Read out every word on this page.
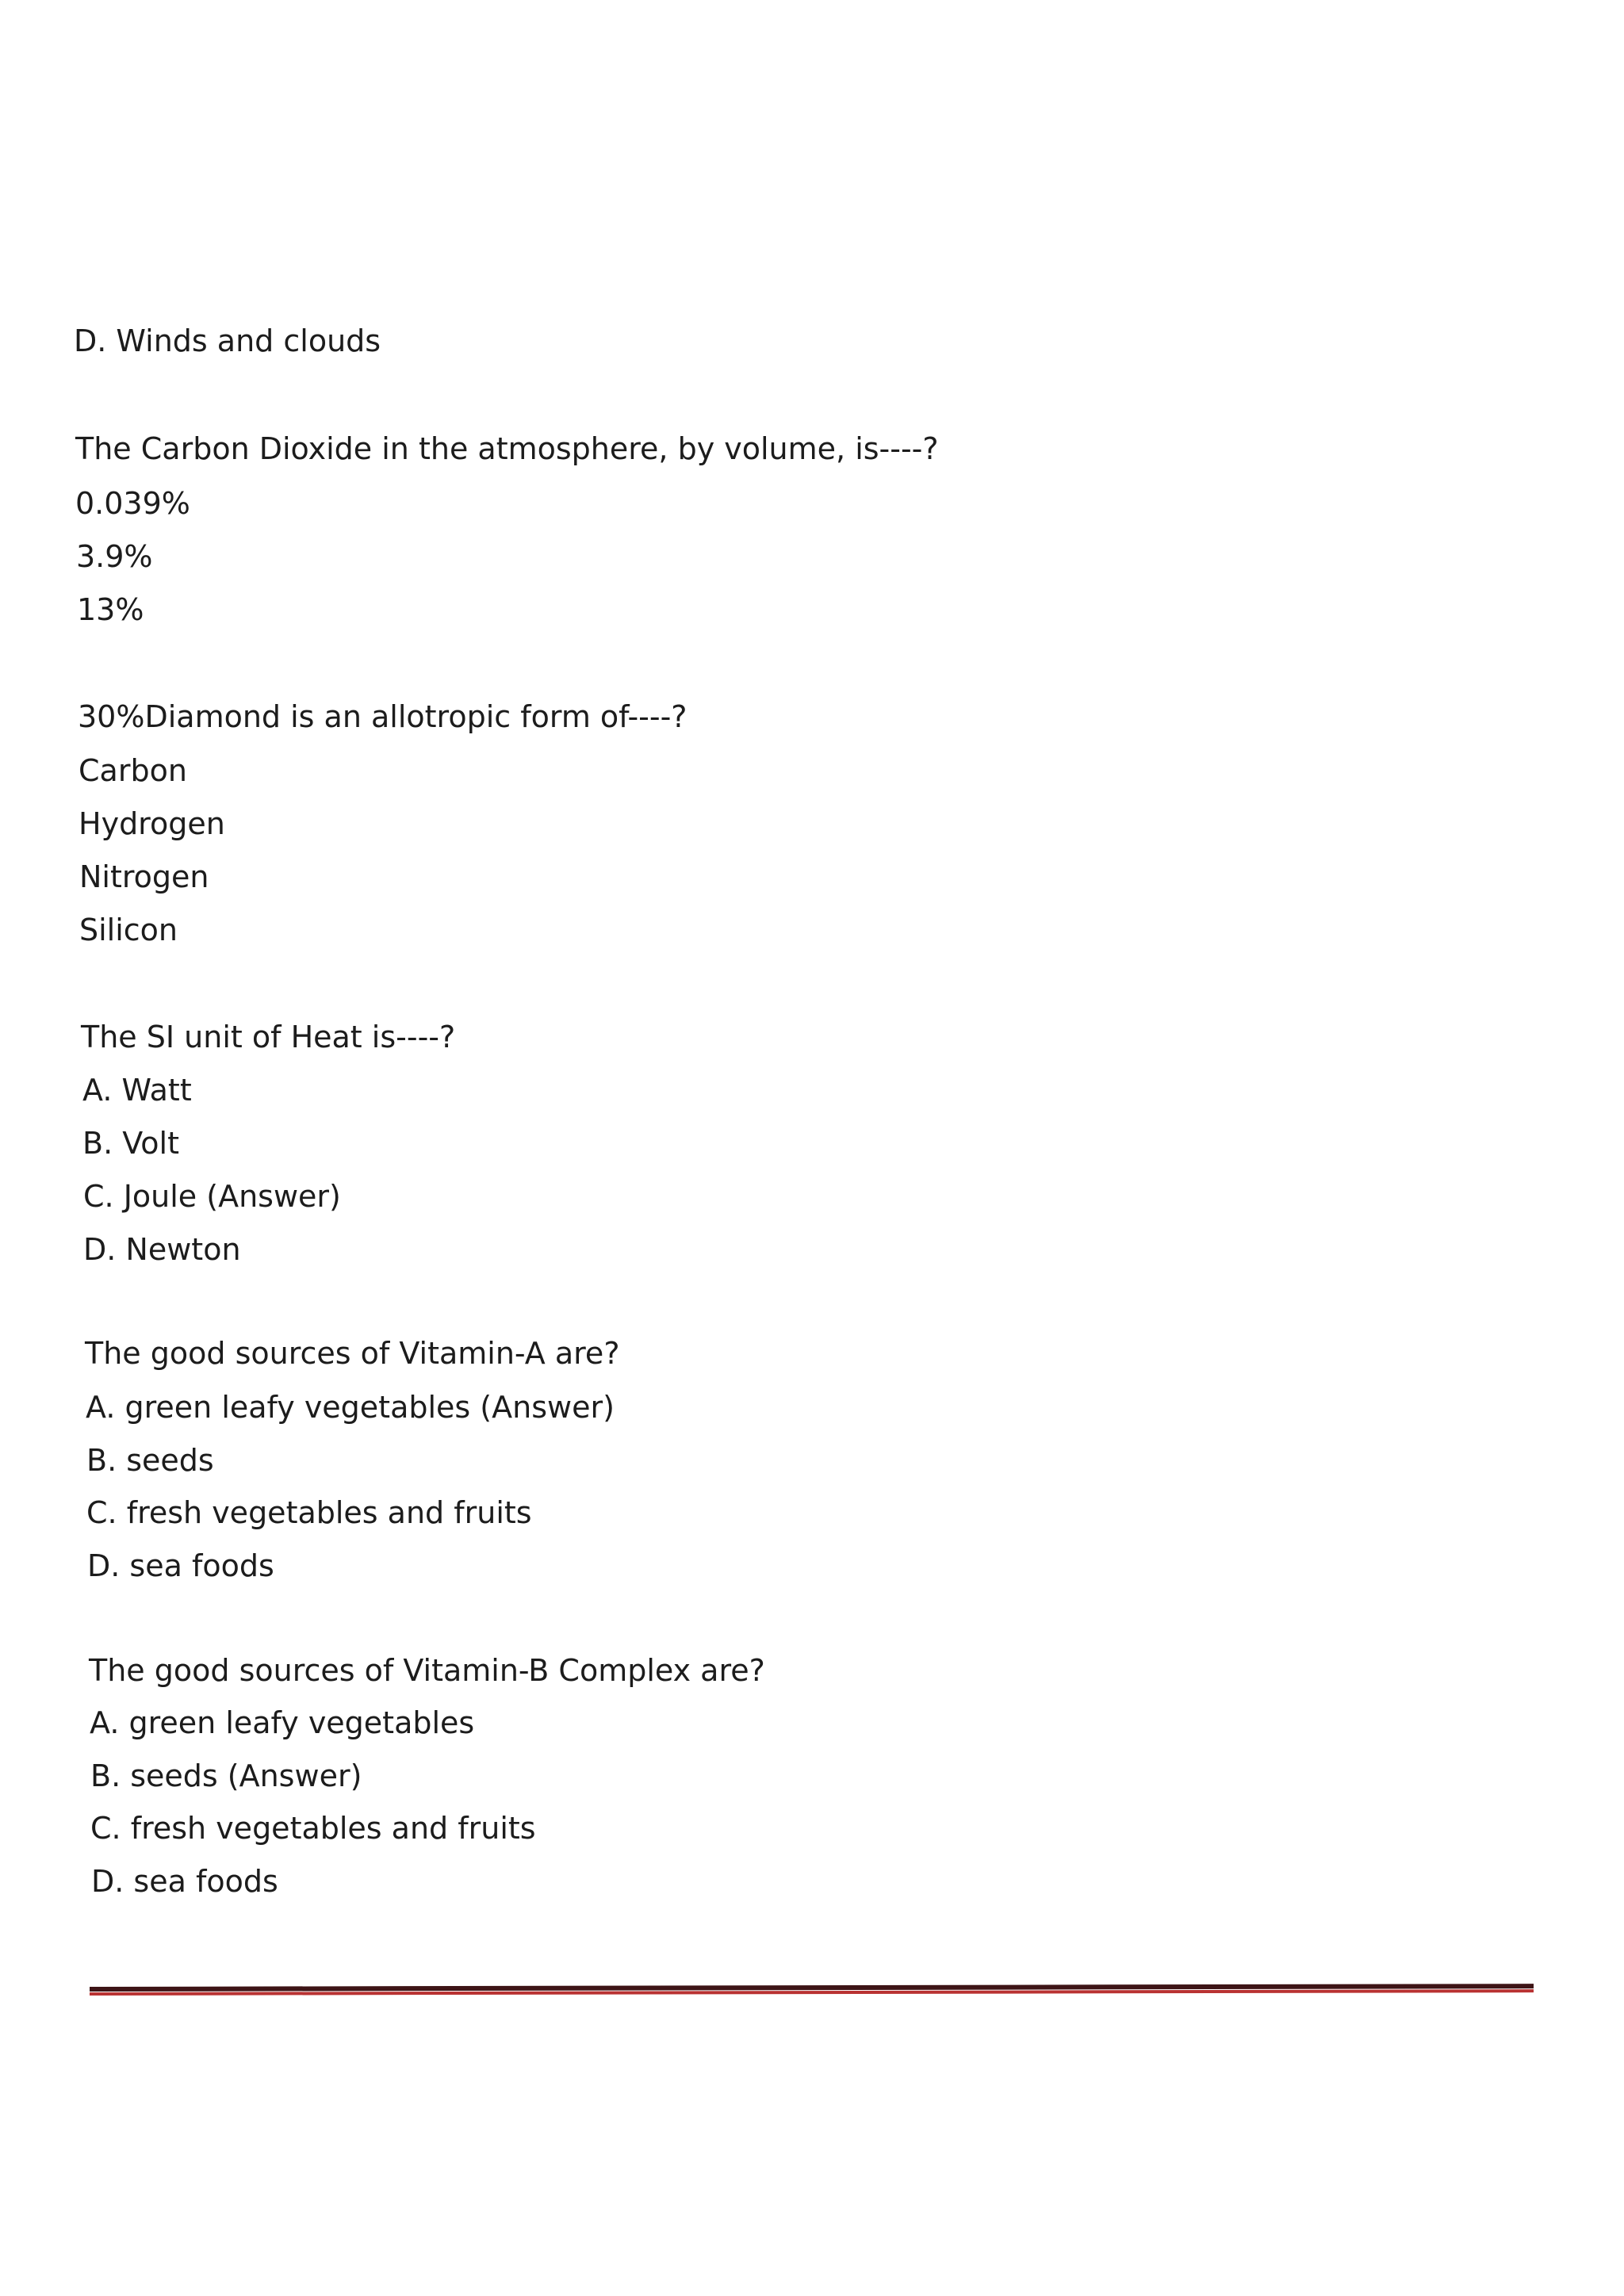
D. Winds and clouds
The Carbon Dioxide in the atmosphere, by volume, is----?
0.039%
3.9%
13%
30%Diamond is an allotropic form of----?
Carbon
Hydrogen
Nitrogen
Silicon
The SI unit of Heat is----?
A. Watt
B. Volt
C. Joule (Answer)
D. Newton
The good sources of Vitamin-A are?
A. green leafy vegetables (Answer)
B. seeds
C. fresh vegetables and fruits
D. sea foods
The good sources of Vitamin-B Complex are?
A. green leafy vegetables
B. seeds (Answer)
C. fresh vegetables and fruits
D. sea foods
